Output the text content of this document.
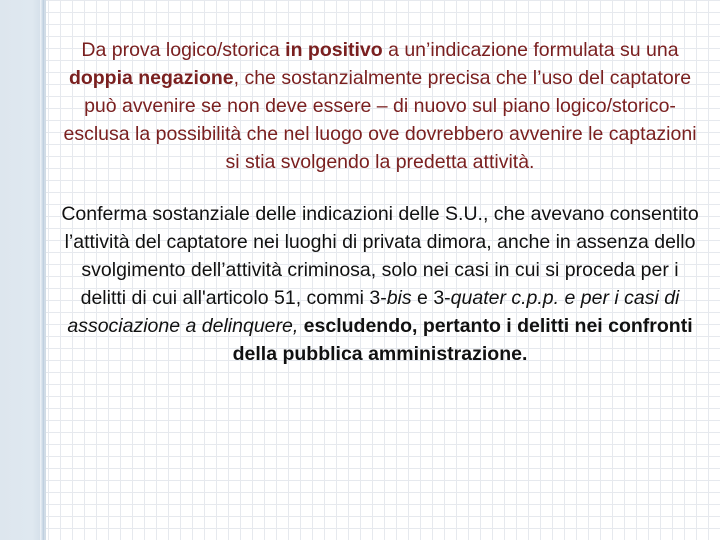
Da prova logico/storica in positivo a un’indicazione formulata su una doppia negazione, che sostanzialmente precisa che l’uso del captatore può avvenire se non deve essere – di nuovo sul piano logico/storico- esclusa la possibilità che nel luogo ove dovrebbero avvenire le captazioni si stia svolgendo la predetta attività.

Conferma sostanziale delle indicazioni delle S.U., che avevano consentito l’attività del captatore nei luoghi di privata dimora, anche in assenza dello svolgimento dell’attività criminosa, solo nei casi in cui si proceda per i delitti di cui all'articolo 51, commi 3-bis e 3-quater c.p.p. e per i casi di associazione a delinquere, escludendo, pertanto i delitti nei confronti della pubblica amministrazione.
